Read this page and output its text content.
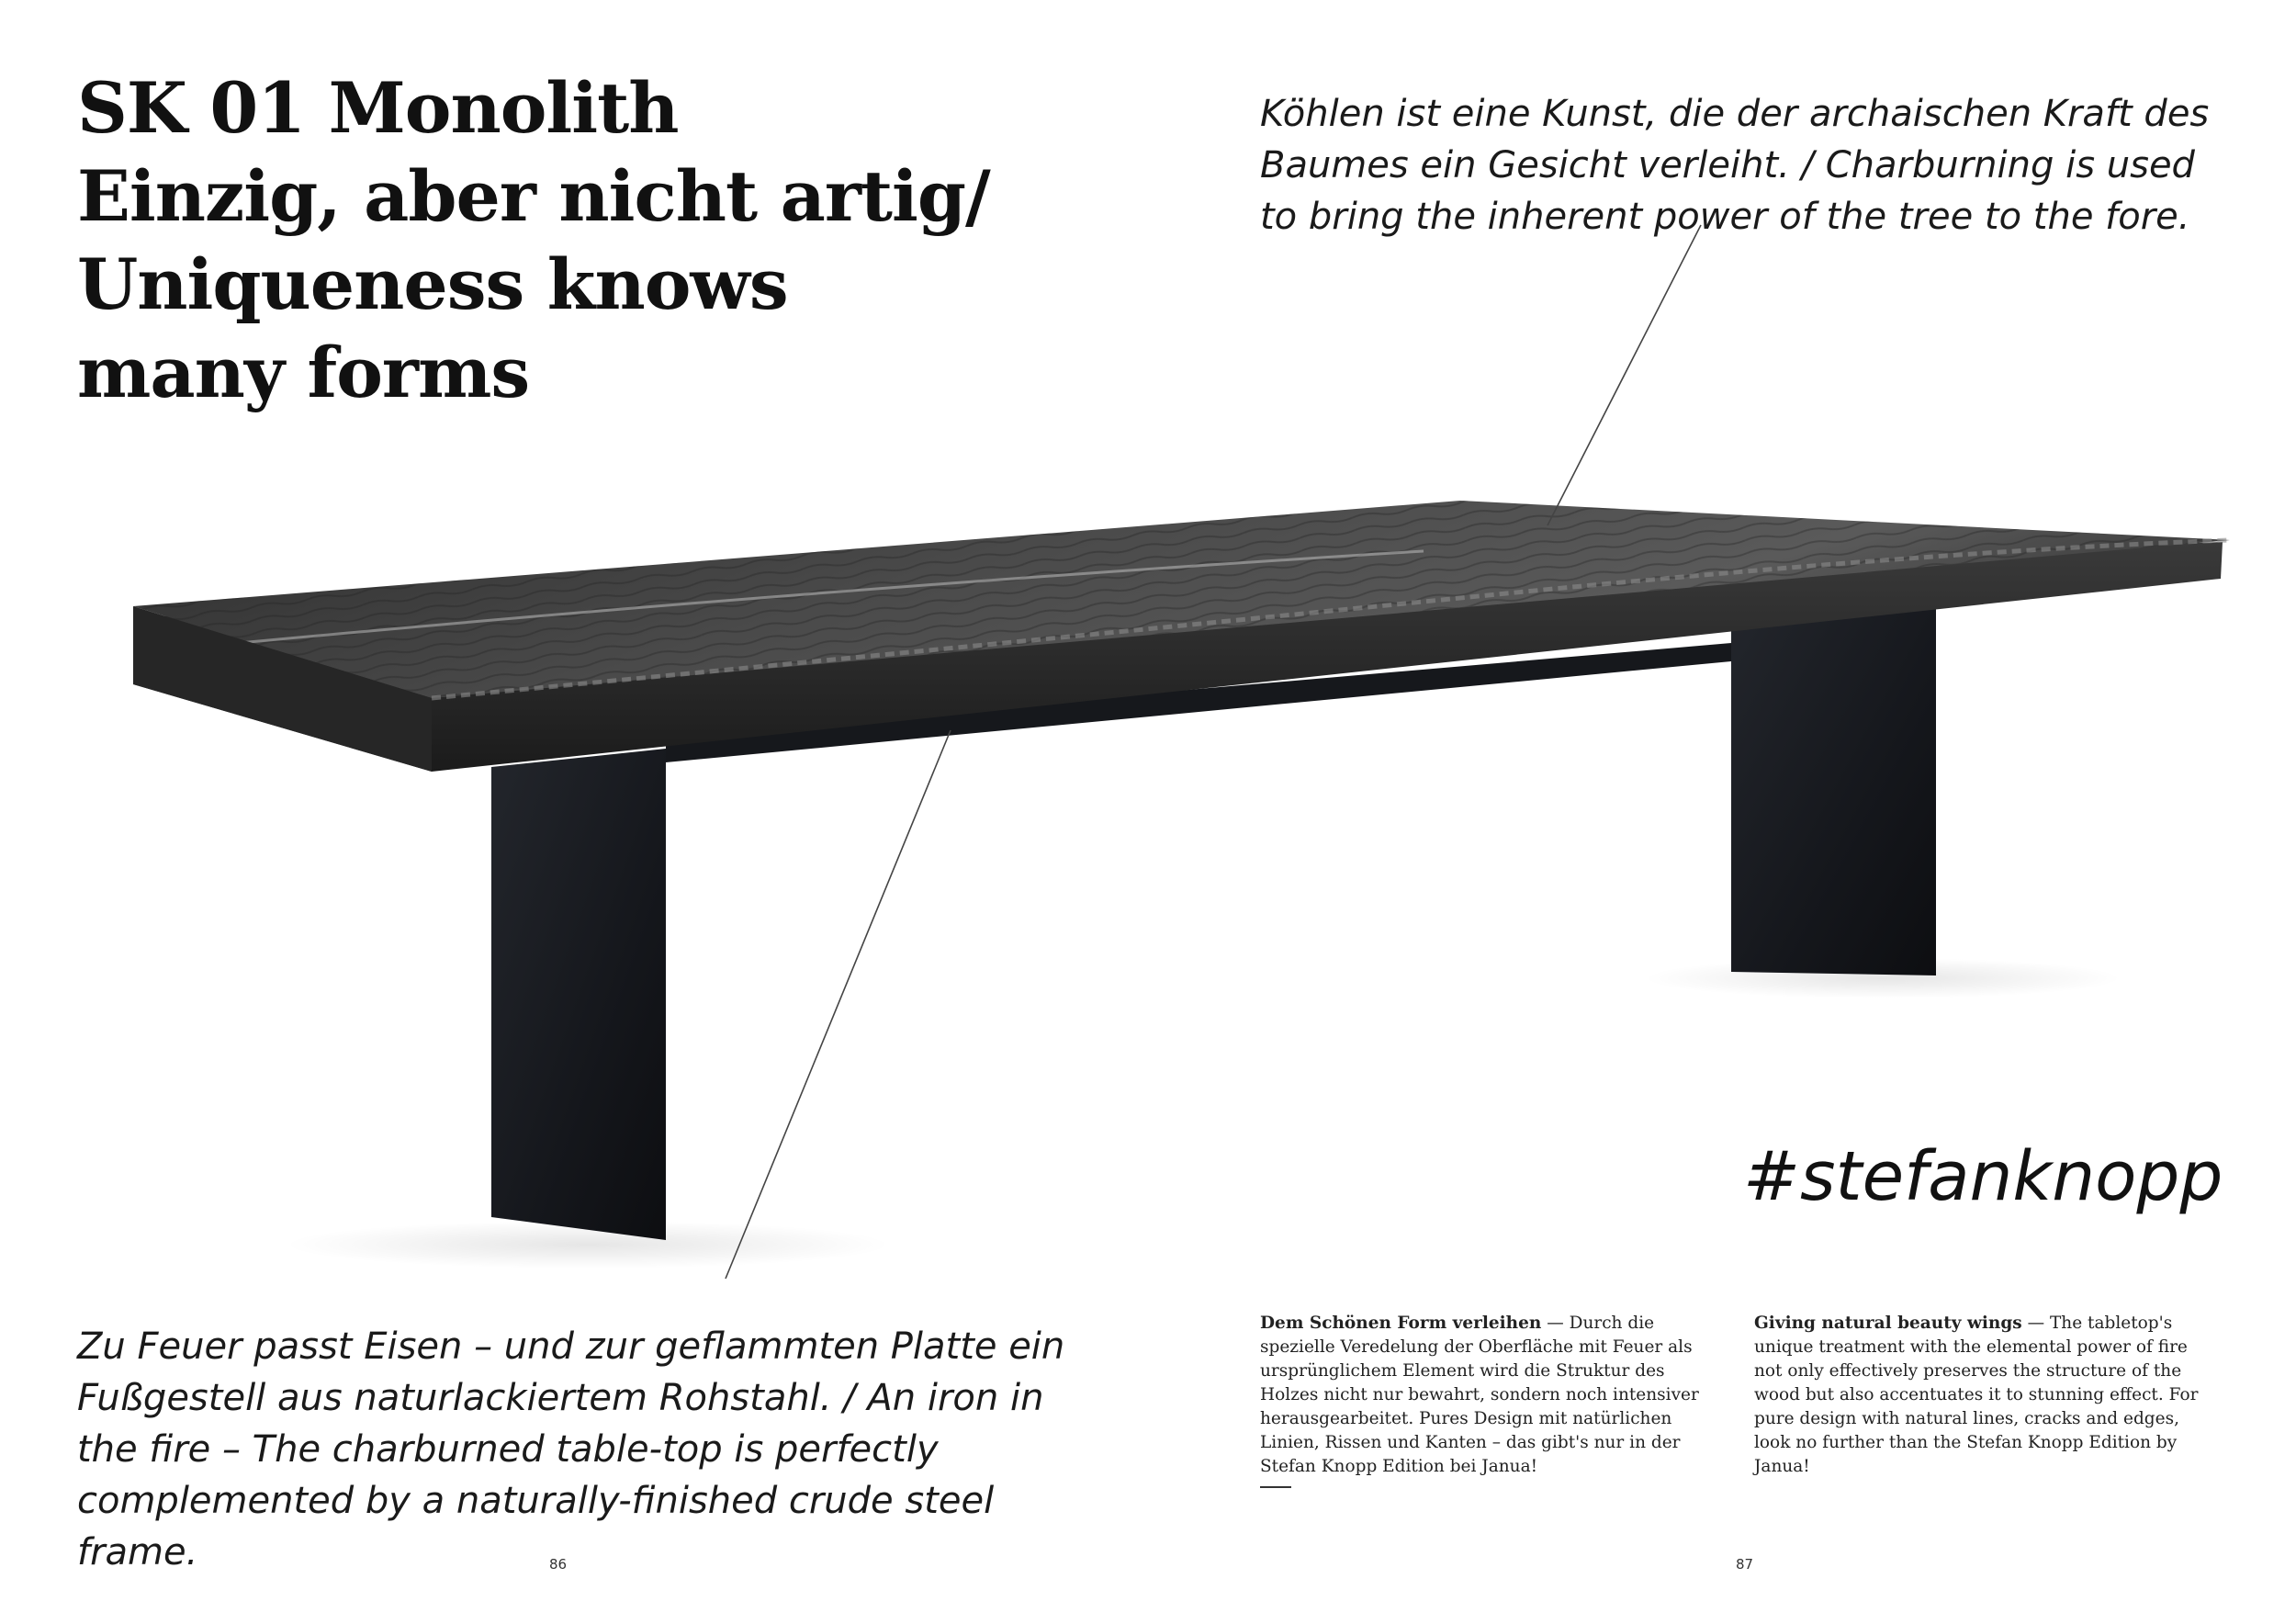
SK 01 Monolith
Einzig, aber nicht artig/
Uniqueness knows
many forms

Köhlen ist eine Kunst, die der archaischen Kraft des Baumes ein Gesicht verleiht. / Charburning is used to bring the inherent power of the tree to the fore.

#stefanknopp

Zu Feuer passt Eisen – und zur geflammten Platte ein Fußgestell aus naturlackiertem Rohstahl. / An iron in the fire – The charburned table-top is perfectly complemented by a naturally-finished crude steel frame.

Dem Schönen Form verleihen — Durch die spezielle Veredelung der Oberfläche mit Feuer als ursprünglichem Element wird die Struktur des Holzes nicht nur bewahrt, sondern noch intensiver herausgearbeitet. Pures Design mit natürlichen Linien, Rissen und Kanten – das gibt's nur in der Stefan Knopp Edition bei Janua!

Giving natural beauty wings — The tabletop's unique treatment with the elemental power of fire not only effectively preserves the structure of the wood but also accentuates it to stunning effect. For pure design with natural lines, cracks and edges, look no further than the Stefan Knopp Edition by Janua!

86	87
